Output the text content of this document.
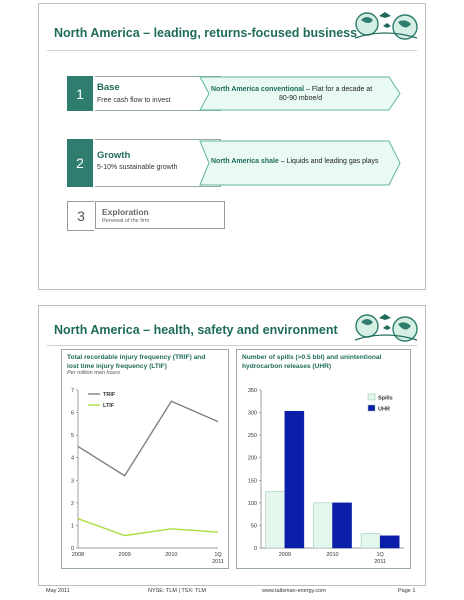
North America – leading, returns-focused business
1	Base
Free cash flow to invest
North America conventional – Flat for a decade at
80-90 mboe/d
2	Growth
5-10% sustainable growth
North America shale – Liquids and leading gas plays
3	Exploration
Renewal of the firm
North America – health, safety and environment
Total recordable injury frequency (TRIF) and
lost time injury frequency (LTIF)
Per million man hours
0
1
2
3
4
5
6
7
2008	2009	2010	1Q 2011
TRIF
LTIF
Number of spills (>0.5 bbl) and unintentional
hydrocarbon releases (UHR)
0
50
100
150
200
250
300
350
2009	2010	1Q 2011
Spills
UHR
May 2011	NYSE: TLM | TSX: TLM	www.talisman-energy.com	Page 1
